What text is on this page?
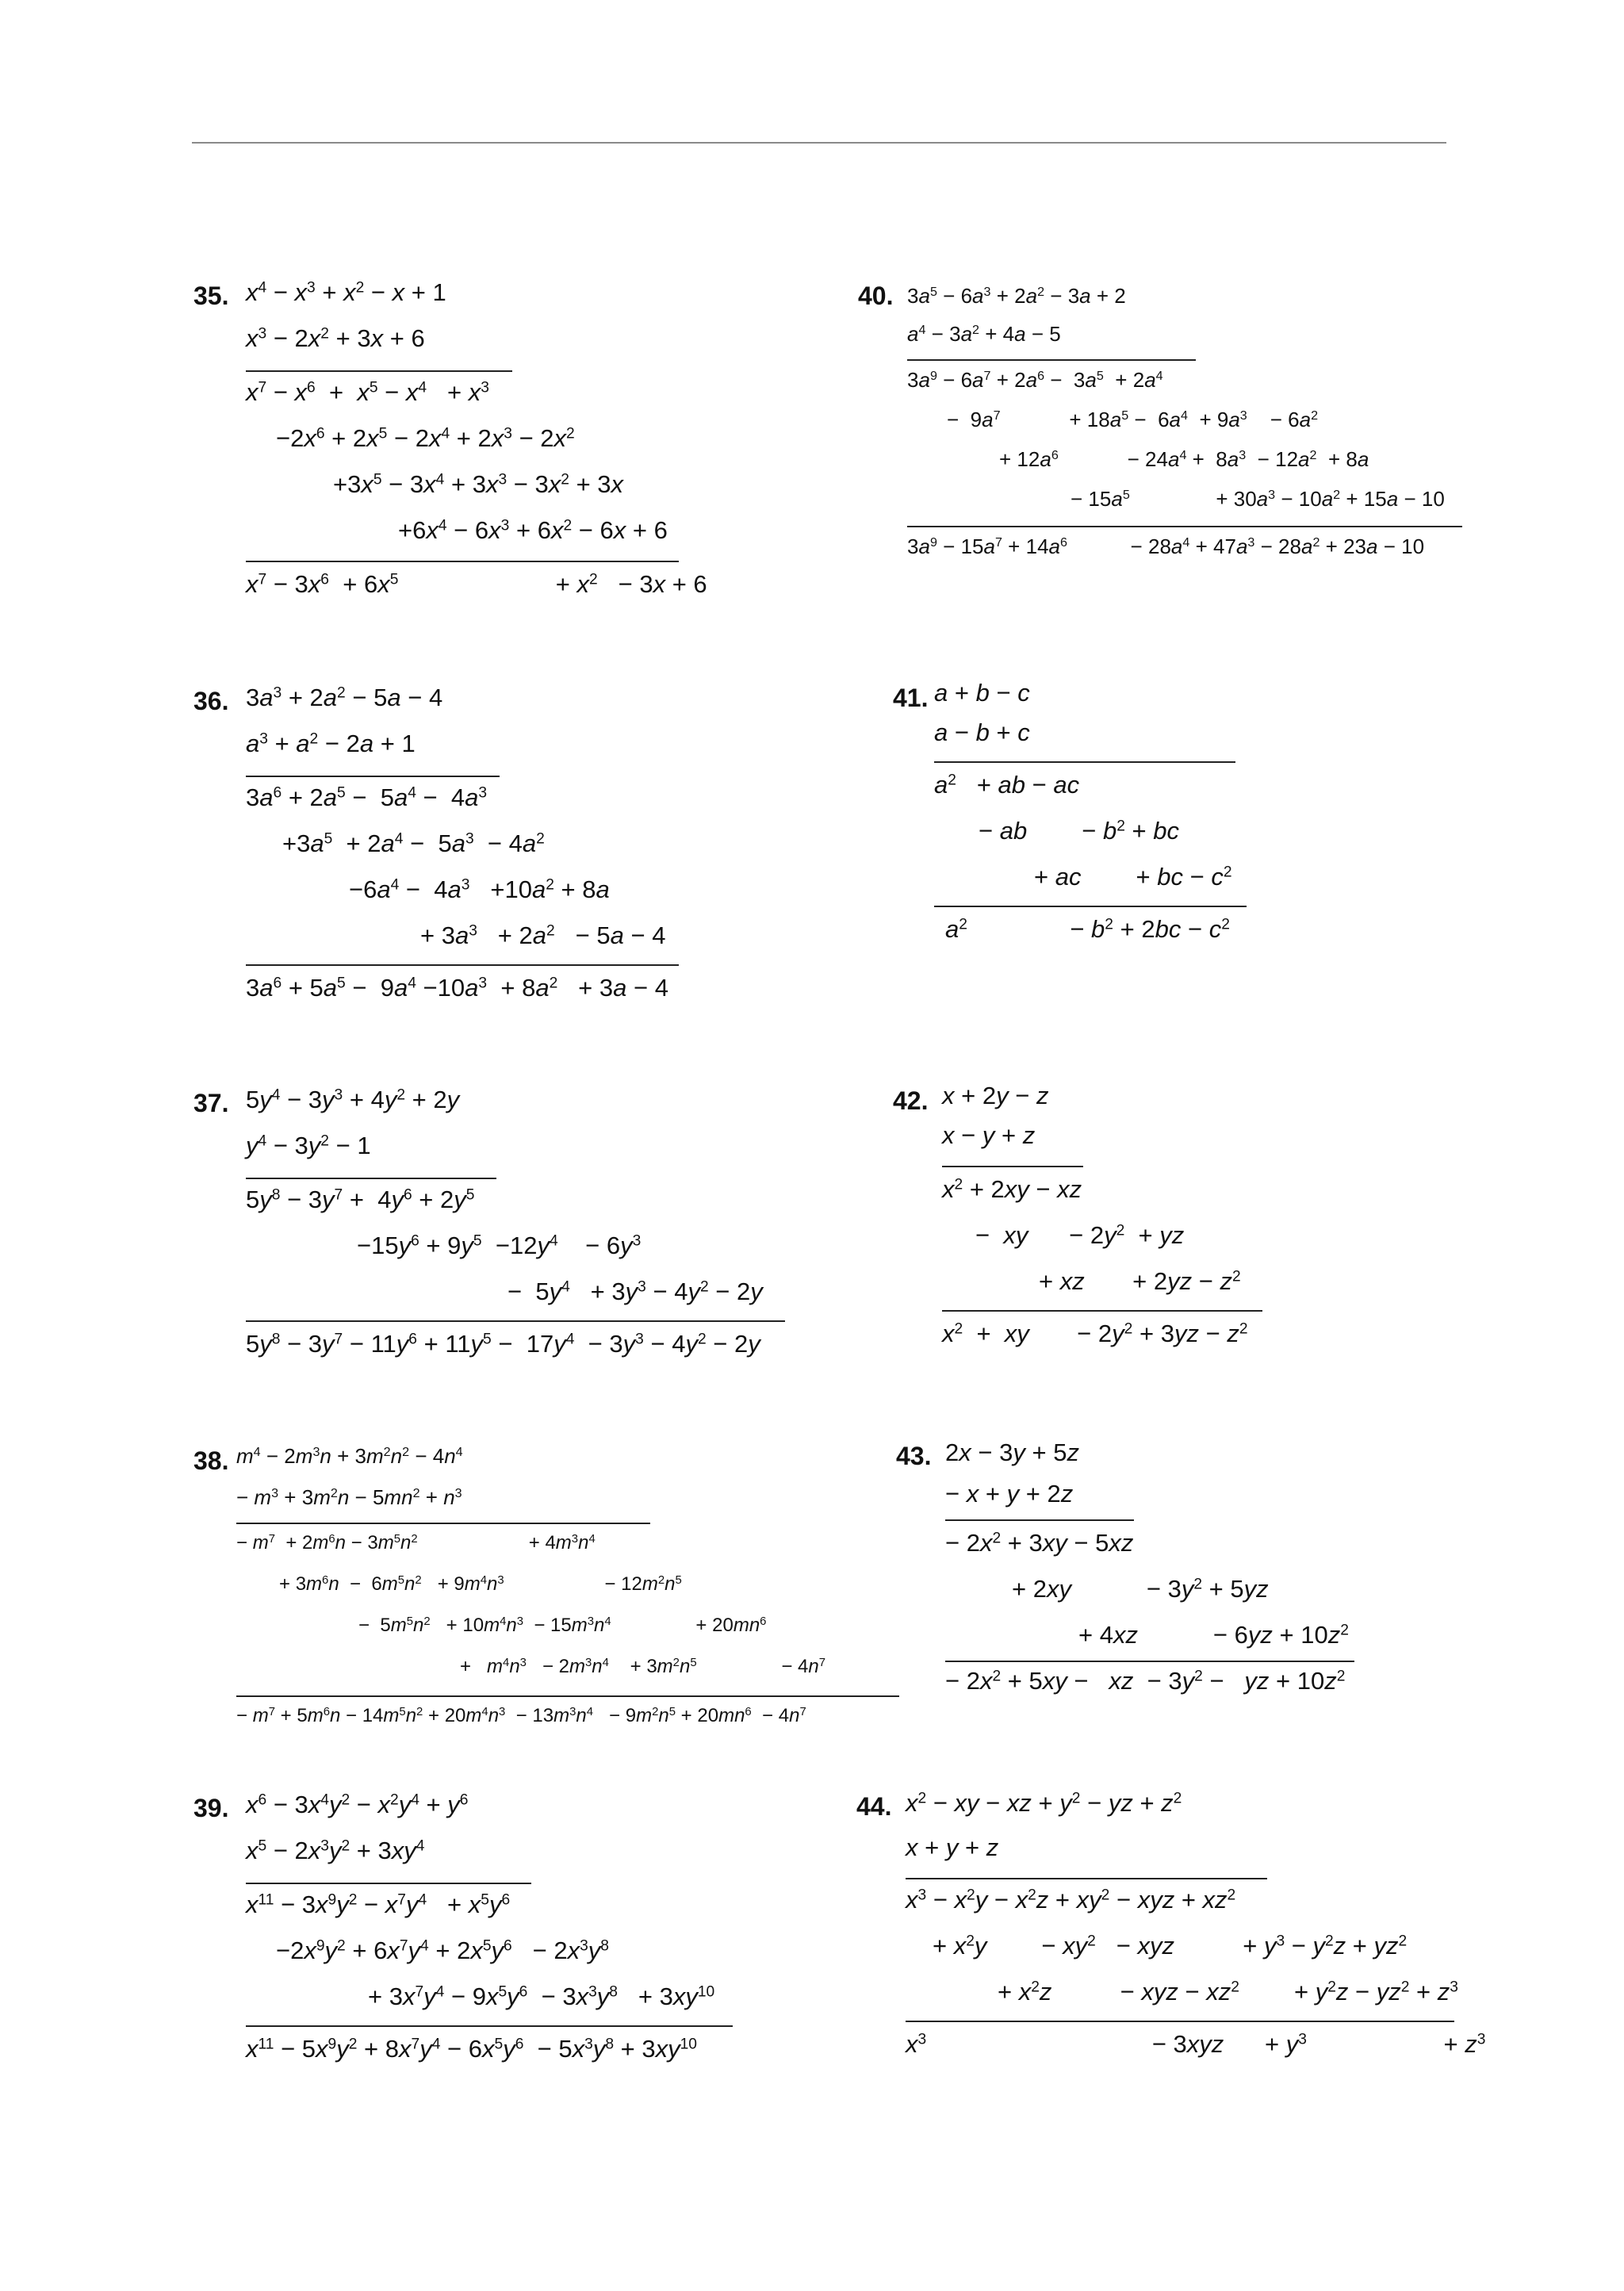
35. $x^4 - x^3 + x^2 - x + 1$
$x^3 - 2x^2 + 3x + 6$
$x^7 - x^6 + x^5 - x^4 + x^3$
$-2x^6 + 2x^5 - 2x^4 + 2x^3 - 2x^2$
$+3x^5 - 3x^4 + 3x^3 - 3x^2 + 3x$
$+6x^4 - 6x^3 + 6x^2 - 6x + 6$
$x^7 - 3x^6 + 6x^5$	+ $x^2 - 3x + 6$
36. $3a^3 + 2a^2 - 5a - 4$
$a^3 + a^2 - 2a + 1$
$3a^6 + 2a^5 - 5a^4 - 4a^3$
$+3a^5 + 2a^4 - 5a^3 - 4a^2$
$-6a^4 - 4a^3 +10a^2 + 8a$
+ $3a^3 + 2a^2 - 5a - 4$
$3a^6 + 5a^5 - 9a^4 -10a^3 + 8a^2 + 3a - 4$
37. $5y^4 - 3y^3 + 4y^2 + 2y$
$y^4 - 3y^2 - 1$
$5y^8 - 3y^7 + 4y^6 + 2y^5$
$-15y^6 + 9y^5 -12y^4 - 6y^3$
− $5y^4 + 3y^3 - 4y^2 - 2y$
$5y^8 - 3y^7 - 11y^6 + 11y^5 - 17y^4 - 3y^3 - 4y^2 - 2y$
38. $m^4 - 2m^3n + 3m^2n^2 - 4n^4$
− $m^3 + 3m^2n - 5mn^2 + n^3$
− $m^7 + 2m^6n - 3m^5n^2$	+ $4m^3n^4$
+ $3m^6n - 6m^5n^2 + 9m^4n^3$	− $12m^2n^5$
− $5m^5n^2 + 10m^4n^3 - 15m^3n^4$	+ $20mn^6$
+ $m^4n^3 - 2m^3n^4 + 3m^2n^5$	− $4n^7$
− $m^7 + 5m^6n - 14m^5n^2 + 20m^4n^3 - 13m^3n^4 - 9m^2n^5 + 20mn^6 - 4n^7$
39. $x^6 - 3x^4y^2 - x^2y^4 + y^6$
$x^5 - 2x^3y^2 + 3xy^4$
$x^{11} - 3x^9y^2 - x^7y^4 + x^5y^6$
$-2x^9y^2 + 6x^7y^4 + 2x^5y^6 - 2x^3y^8$
+ $3x^7y^4 - 9x^5y^6 - 3x^3y^8 + 3xy^{10}$
$x^{11} - 5x^9y^2 + 8x^7y^4 - 6x^5y^6 - 5x^3y^8 + 3xy^{10}$
40. $3a^5 - 6a^3 + 2a^2 - 3a + 2$
$a^4 - 3a^2 + 4a - 5$
$3a^9 - 6a^7 + 2a^6 - 3a^5 + 2a^4$
− $9a^7$	+ $18a^5 - 6a^4 + 9a^3 - 6a^2$
+ $12a^6$	− $24a^4 + 8a^3 - 12a^2 + 8a$
− $15a^5$	+ $30a^3 - 10a^2 + 15a - 10$
$3a^9 - 15a^7 + 14a^6$	− $28a^4 + 47a^3 - 28a^2 + 23a - 10$
41. a + b − c
a − b + c
$a^2$ + ab − ac
− ab − $b^2$ + bc
+ ac + bc − $c^2$
$a^2$	− $b^2 + 2bc - c^2$
42. x + 2y − z
x − y + z
$x^2 + 2xy$ − xz
− xy − $2y^2$ + yz
+ xz + $2yz - z^2$
$x^2$ + xy − $2y^2 + 3yz - z^2$
43. 2x − 3y + 5z
− x + y + 2z
− $2x^2 + 3xy - 5xz$
+ 2xy	− $3y^2 + 5yz$
+ 4xz	− $6yz + 10z^2$
− $2x^2 + 5xy$ − xz − $3y^2$ − yz + $10z^2$
44. $x^2$ − xy − xz + $y^2$ − yz + $z^2$
x + y + z
$x^3 - x^2y - x^2z + xy^2$ − xyz + $xz^2$
+ $x^2y - xy^2$ − xyz	+ $y^3 - y^2z + yz^2$
+ $x^2z$	− xyz − $xz^2 + y^2z - yz^2 + z^3$
$x^3$	− $3xyz + y^3$	+ $z^3$
